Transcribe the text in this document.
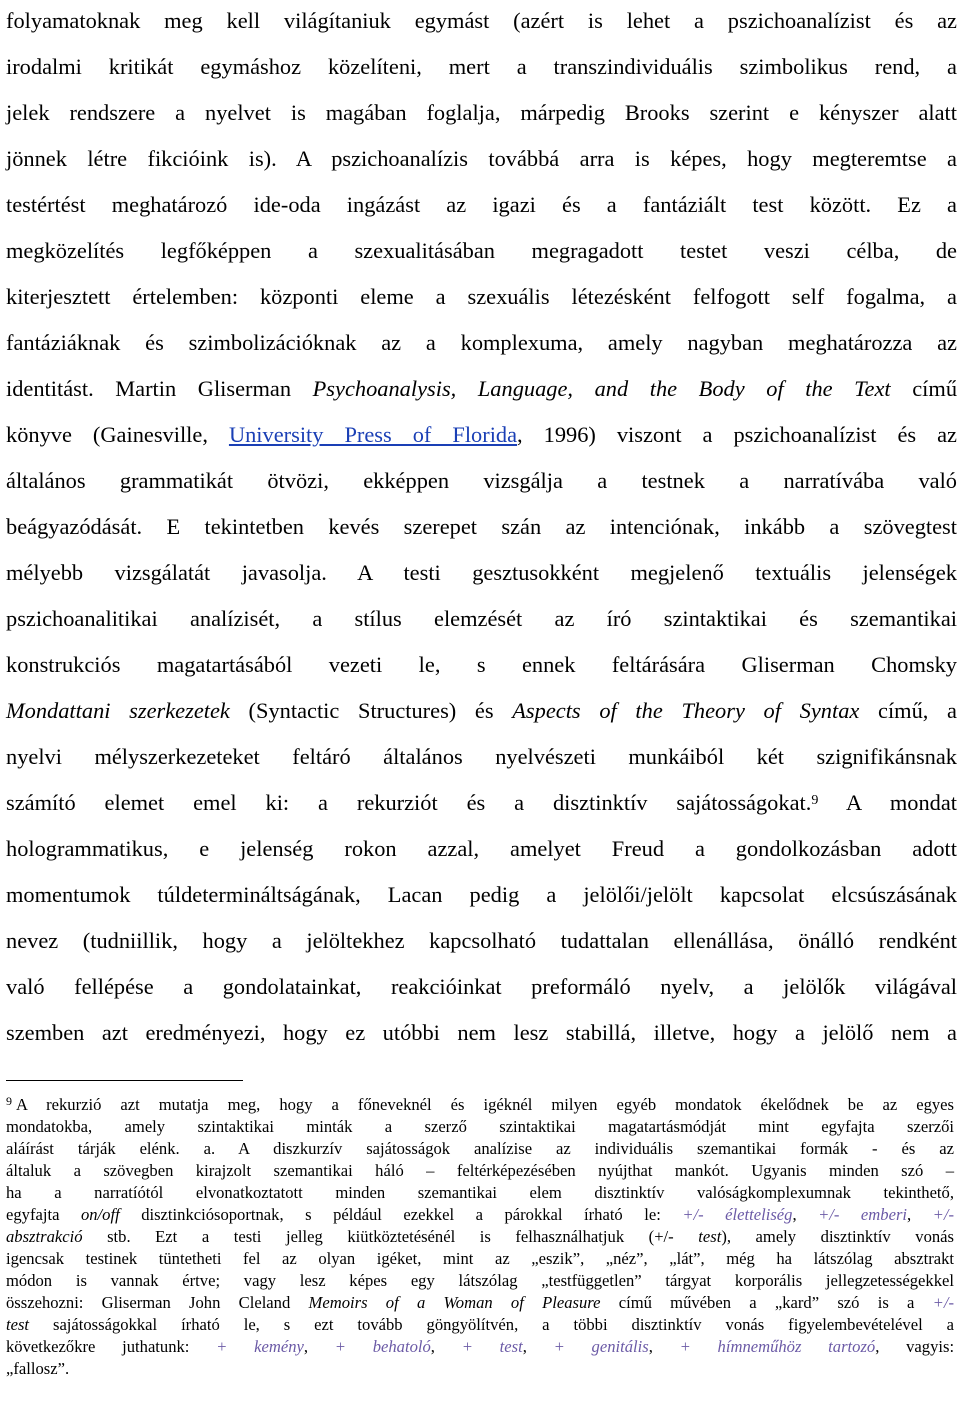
folyamatoknak meg kell világítaniuk egymást (azért is lehet a pszichoanalízist és az
irodalmi kritikát egymáshoz közelíteni, mert a transzindividuális szimbolikus rend, a
jelek rendszere a nyelvet is magában foglalja, márpedig Brooks szerint e kényszer alatt
jönnek létre fikcióink is). A pszichoanalízis továbbá arra is képes, hogy megteremtse a
testértést meghatározó ide-oda ingázást az igazi és a fantáziált test között. Ez a
megközelítés legfőképpen a szexualitásában megragadott testet veszi célba, de
kiterjesztett értelemben: központi eleme a szexuális létezésként felfogott self fogalma, a
fantáziáknak és szimbolizációknak az a komplexuma, amely nagyban meghatározza az
identitást. Martin Gliserman Psychoanalysis, Language, and the Body of the Text című
könyve (Gainesville, University Press of Florida, 1996) viszont a pszichoanalízist és az
általános grammatikát ötvözi, ekképpen vizsgálja a testnek a narratívába való
beágyazódását. E tekintetben kevés szerepet szán az intenciónak, inkább a szövegtest
mélyebb vizsgálatát javasolja. A testi gesztusokként megjelenő textuális jelenségek
pszichoanalitikai analízisét, a stílus elemzését az író szintaktikai és szemantikai
konstrukciós magatartásából vezeti le, s ennek feltárására Gliserman Chomsky
Mondattani szerkezetek (Syntactic Structures) és Aspects of the Theory of Syntax című, a
nyelvi mélyszerkezeteket feltáró általános nyelvészeti munkáiból két szignifikánsnak
számító elemet emel ki: a rekurziót és a disztinktív sajátosságokat.$^9$ A mondat
hologrammatikus, e jelenség rokon azzal, amelyet Freud a gondolkozásban adott
momentumok túldetermináltságának, Lacan pedig a jelölői/jelölt kapcsolat elcsúszásának
nevez (tudniillik, hogy a jelöltekhez kapcsolható tudattalan ellenállása, önálló rendként
való fellépése a gondolatainkat, reakcióinkat preformáló nyelv, a jelölők világával
szemben azt eredményezi, hogy ez utóbbi nem lesz stabillá, illetve, hogy a jelölő nem a
$^9$ A rekurzió azt mutatja meg, hogy a főneveknél és igéknél milyen egyéb mondatok ékelődnek be az egyes
mondatokba, amely szintaktikai minták a szerző szintaktikai magatartásmódját mint egyfajta szerzői
aláírást tárják elénk. a. A diszkurzív sajátosságok analízise az individuális szemantikai formák - és az
általuk a szövegben kirajzolt szemantikai háló – feltérképezésében nyújthat mankót. Ugyanis minden szó –
ha a narratíótól elvonatkoztatott minden szemantikai elem disztinktív valóságkomplexumnak tekinthető,
egyfajta on/off disztinkciósoportnak, s például ezekkel a párokkal írható le: +/- életteliség, +/- emberi, +/-
absztrakció stb. Ezt a testi jelleg kiütköztetésénél is felhasználhatjuk (+/- test), amely disztinktív vonás
igencsak testinek tüntetheti fel az olyan igéket, mint az „eszik”, „néz”, „lát”, még ha látszólag absztrakt
módon is vannak értve; vagy lesz képes egy látszólag „testfüggetlen” tárgyat korporális jellegzetességekkel
összehozni: Gliserman John Cleland Memoirs of a Woman of Pleasure című művében a „kard” szó is a +/-
test sajátosságokkal írható le, s ezt tovább göngyölítvén, a többi disztinktív vonás figyelembevételével a
következőkre juthatunk: + kemény, + behatoló, + test, + genitális, + hímneműhöz tartozó, vagyis:
„fallosz”.
